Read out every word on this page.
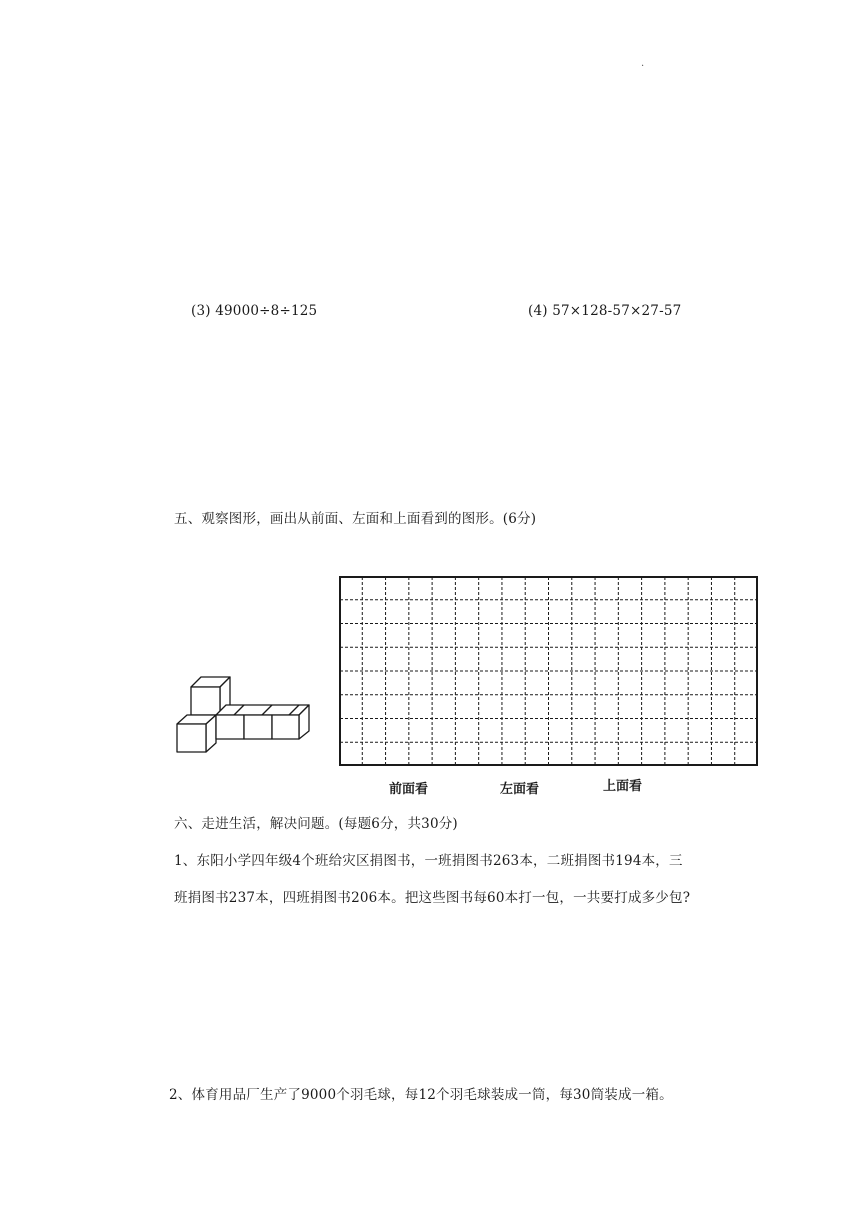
.
(3) 49000÷8÷125	(4) 57×128-57×27-57
五、观察图形，画出从前面、左面和上面看到的图形。(6分)
前面看	左面看	上面看
六、走进生活，解决问题。(每题6分，共30分)
1、东阳小学四年级4个班给灾区捐图书，一班捐图书263本，二班捐图书194本，三
班捐图书237本，四班捐图书206本。把这些图书每60本打一包，一共要打成多少包?
2、体育用品厂生产了9000个羽毛球，每12个羽毛球装成一筒，每30筒装成一箱。
